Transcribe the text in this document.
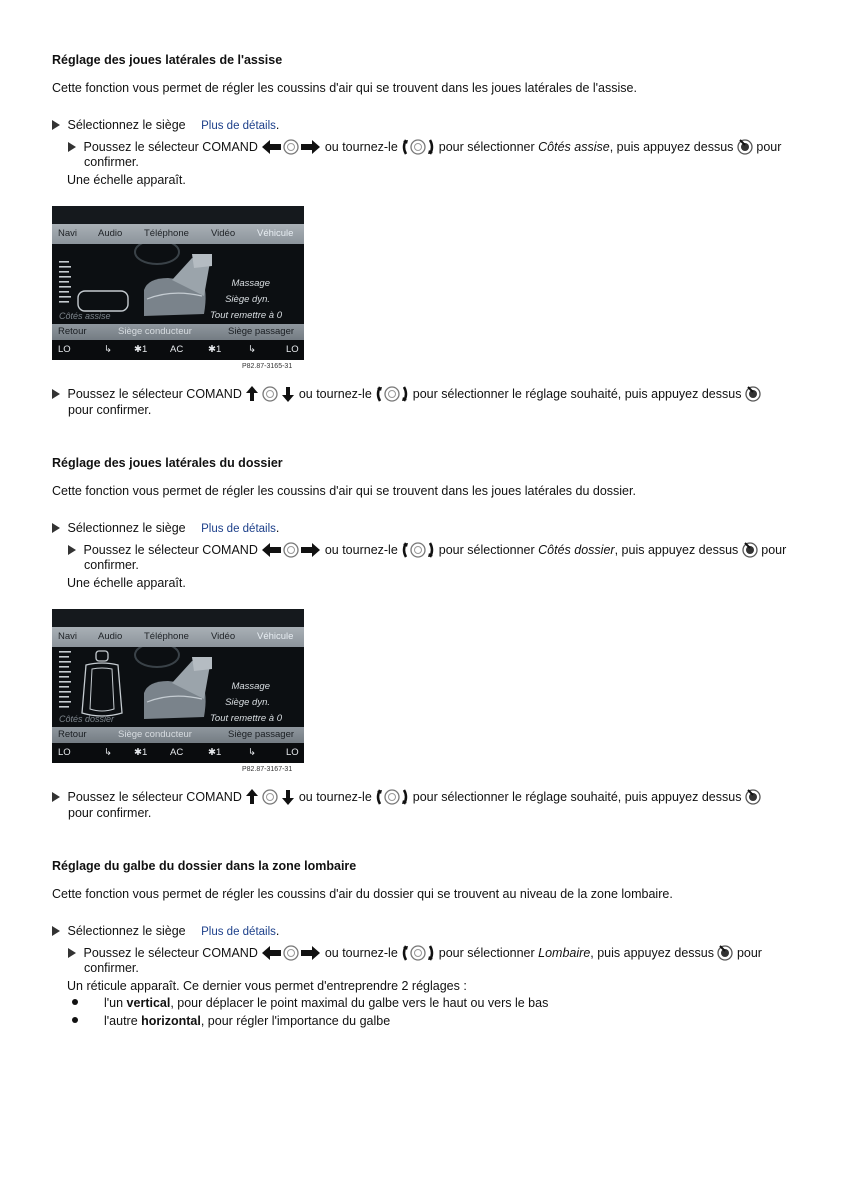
Réglage des joues latérales de l'assise
Cette fonction vous permet de régler les coussins d'air qui se trouvent dans les joues latérales de l'assise.
Sélectionnez le siège Plus de détails.
Poussez le sélecteur COMAND	ou tournez-le	pour sélectionner Côtés assise, puis appuyez dessus pour
confirmer.
Une échelle apparaît.
Navi Audio Téléphone Vidéo Véhicule
Massage
Siège dyn.
Tout remettre à 0
Côtés assise
Retour	Siège conducteur	Siège passager
LO	↳ ✱1 AC	✱1	↳	LO
P82.87-3165-31
Poussez le sélecteur COMAND	ou tournez-le	pour sélectionner le réglage souhaité, puis appuyez dessus
pour confirmer.
Réglage des joues latérales du dossier
Cette fonction vous permet de régler les coussins d'air qui se trouvent dans les joues latérales du dossier.
Sélectionnez le siège Plus de détails.
Poussez le sélecteur COMAND	ou tournez-le	pour sélectionner Côtés dossier, puis appuyez dessus pour
confirmer.
Une échelle apparaît.
Navi Audio Téléphone Vidéo Véhicule
Massage
Siège dyn.
Tout remettre à 0
Côtés dossier
Retour	Siège conducteur	Siège passager
LO	↳ ✱1 AC	✱1	↳	LO
P82.87-3167-31
Poussez le sélecteur COMAND	ou tournez-le	pour sélectionner le réglage souhaité, puis appuyez dessus
pour confirmer.
Réglage du galbe du dossier dans la zone lombaire
Cette fonction vous permet de régler les coussins d'air du dossier qui se trouvent au niveau de la zone lombaire.
Sélectionnez le siège Plus de détails.
Poussez le sélecteur COMAND	ou tournez-le	pour sélectionner Lombaire, puis appuyez dessus pour
confirmer.
Un réticule apparaît. Ce dernier vous permet d'entreprendre 2 réglages :
l'un vertical, pour déplacer le point maximal du galbe vers le haut ou vers le bas
l'autre horizontal, pour régler l'importance du galbe
